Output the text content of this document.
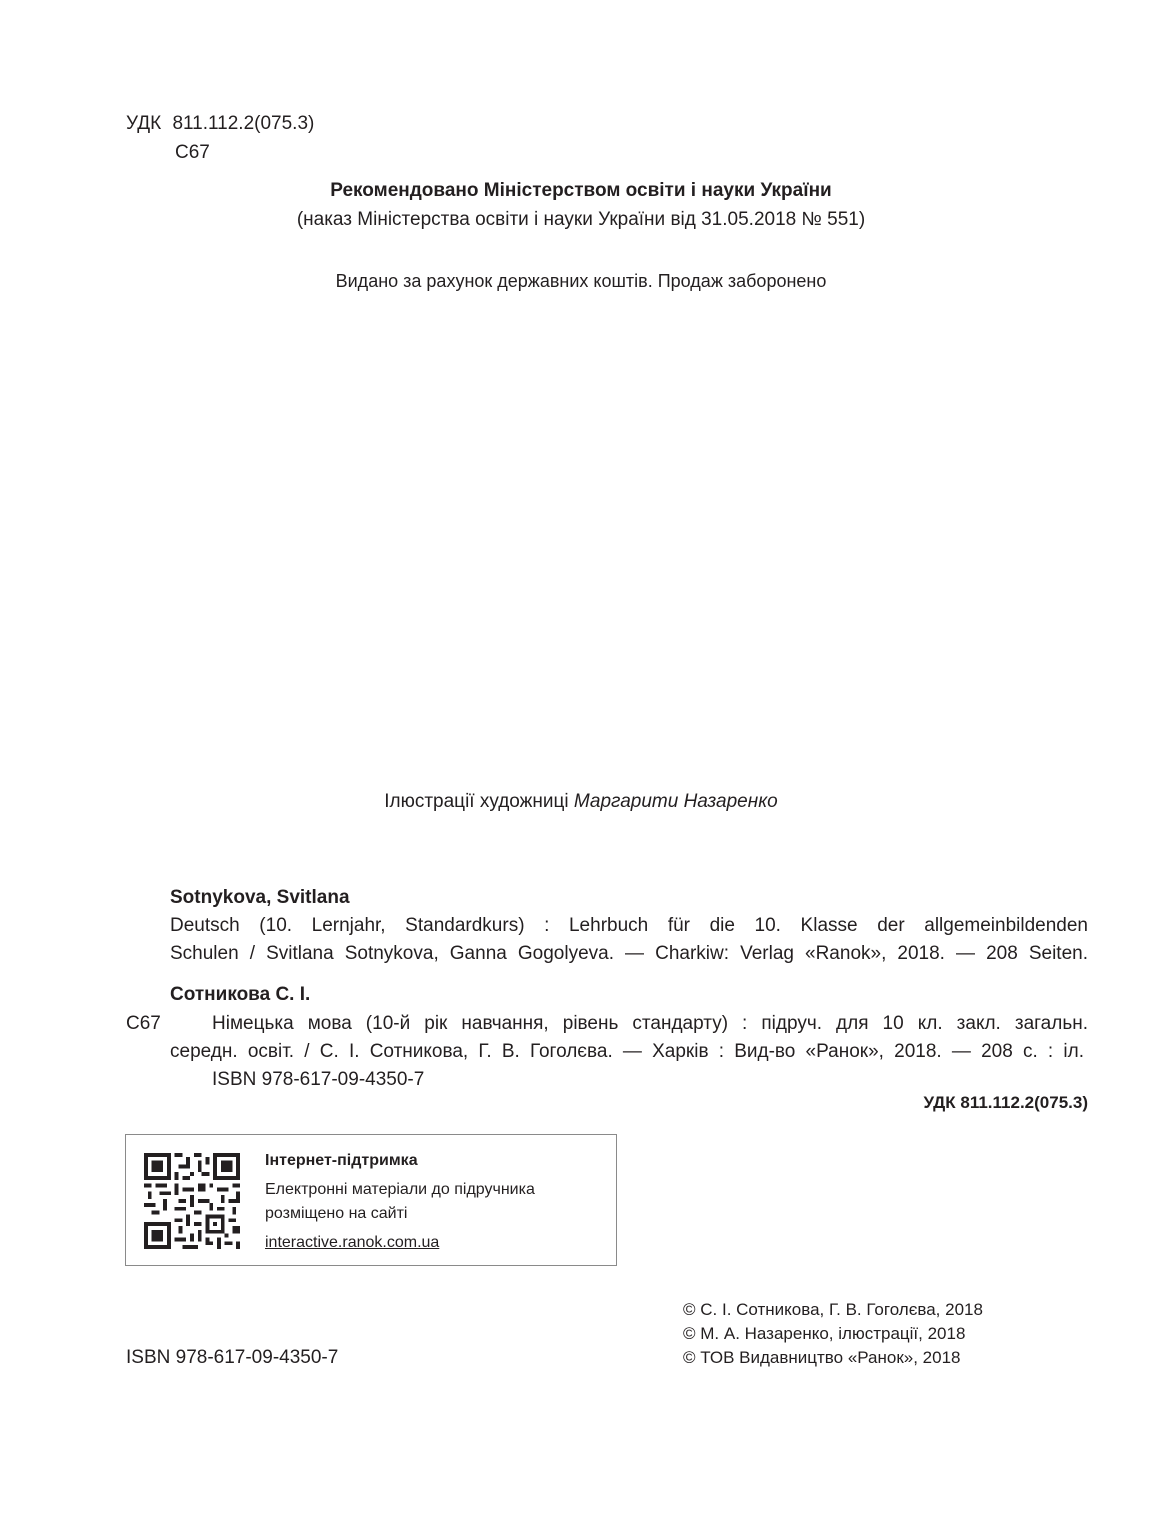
УДК 811.112.2(075.3)
С67
Рекомендовано Міністерством освіти і науки України
(наказ Міністерства освіти і науки України від 31.05.2018 № 551)
Видано за рахунок державних коштів. Продаж заборонено
Ілюстрації художниці Маргарити Назаренко
Sotnykova, Svitlana
Deutsch (10. Lernjahr, Standardkurs) : Lehrbuch für die 10. Klasse der allgemeinbildenden
Schulen / Svitlana Sotnykova, Ganna Gogolyeva. — Charkiw: Verlag «Ranok», 2018. — 208 Seiten.
Сотникова С. І.
С67	Німецька мова (10-й рік навчання, рівень стандарту) : підруч. для 10 кл. закл. загальн.
середн. освіт. / С. І. Сотникова, Г. В. Гоголєва. — Харків : Вид-во «Ранок», 2018. — 208 с. : іл.
ISBN 978-617-09-4350-7
УДК 811.112.2(075.3)
Інтернет-підтримка
Електронні матеріали до підручника
розміщено на сайті
interactive.ranok.com.ua
ISBN 978-617-09-4350-7
© С. І. Сотникова, Г. В. Гоголєва, 2018
© М. А. Назаренко, ілюстрації, 2018
© ТОВ Видавництво «Ранок», 2018
